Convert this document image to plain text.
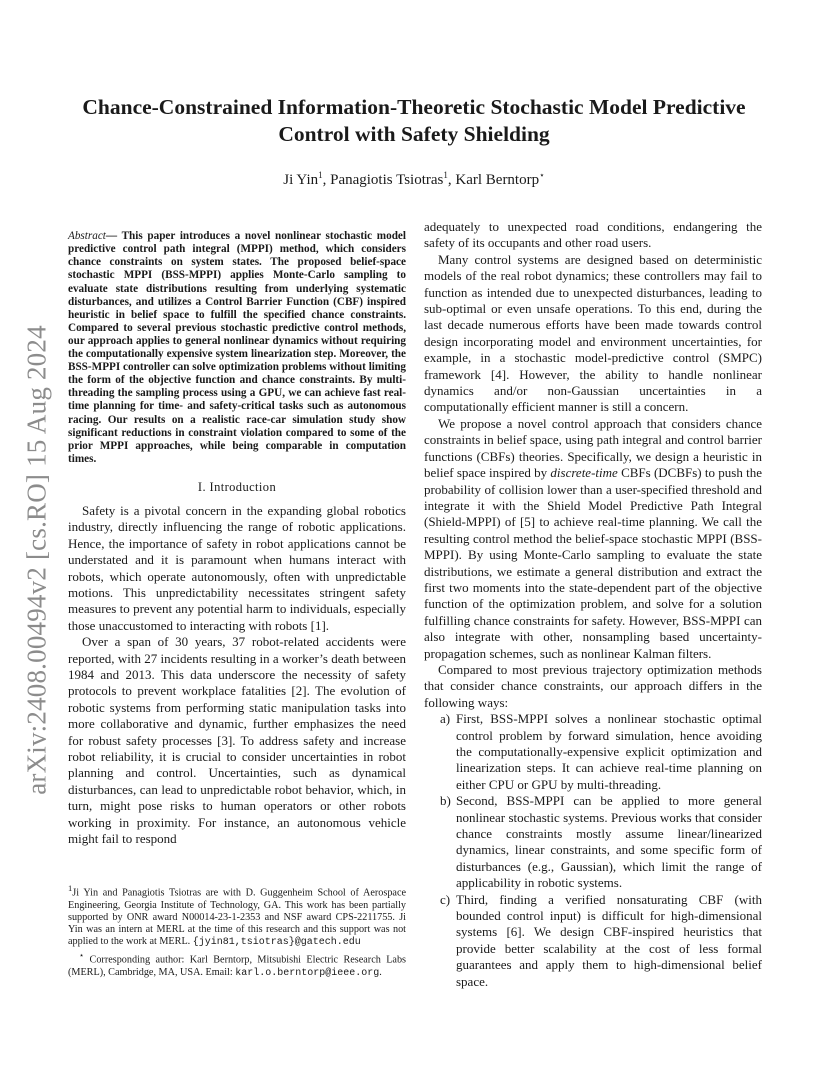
arXiv:2408.00494v2 [cs.RO] 15 Aug 2024
Chance-Constrained Information-Theoretic Stochastic Model Predictive Control with Safety Shielding
Ji Yin$^1$, Panagiotis Tsiotras$^1$, Karl Berntorp⋆

Abstract— This paper introduces a novel nonlinear stochastic model predictive control path integral (MPPI) method, which considers chance constraints on system states. The proposed belief-space stochastic MPPI (BSS-MPPI) applies Monte-Carlo sampling to evaluate state distributions resulting from underlying systematic disturbances, and utilizes a Control Barrier Function (CBF) inspired heuristic in belief space to fulfill the specified chance constraints. Compared to several previous stochastic predictive control methods, our approach applies to general nonlinear dynamics without requiring the computationally expensive system linearization step. Moreover, the BSS-MPPI controller can solve optimization problems without limiting the form of the objective function and chance constraints. By multi-threading the sampling process using a GPU, we can achieve fast real-time planning for time- and safety-critical tasks such as autonomous racing. Our results on a realistic race-car simulation study show significant reductions in constraint violation compared to some of the prior MPPI approaches, while being comparable in computation times.

I. Introduction

Safety is a pivotal concern in the expanding global robotics industry, directly influencing the range of robotic applications. Hence, the importance of safety in robot applications cannot be understated and it is paramount when humans interact with robots, which operate autonomously, often with unpredictable motions. This unpredictability necessitates stringent safety measures to prevent any potential harm to individuals, especially those unaccustomed to interacting with robots [1].

Over a span of 30 years, 37 robot-related accidents were reported, with 27 incidents resulting in a worker’s death between 1984 and 2013. This data underscore the necessity of safety protocols to prevent workplace fatalities [2]. The evolution of robotic systems from performing static manipulation tasks into more collaborative and dynamic, further emphasizes the need for robust safety processes [3]. To address safety and increase robot reliability, it is crucial to consider uncertainties in robot planning and control. Uncertainties, such as dynamical disturbances, can lead to unpredictable robot behavior, which, in turn, might pose risks to human operators or other robots working in proximity. For instance, an autonomous vehicle might fail to respond

$^1$Ji Yin and Panagiotis Tsiotras are with D. Guggenheim School of Aerospace Engineering, Georgia Institute of Technology, GA. This work has been partially supported by ONR award N00014-23-1-2353 and NSF award CPS-2211755. Ji Yin was an intern at MERL at the time of this research and this support was not applied to the work at MERL. {jyin81,tsiotras}@gatech.edu

⋆ Corresponding author: Karl Berntorp, Mitsubishi Electric Research Labs (MERL), Cambridge, MA, USA. Email: karl.o.berntorp@ieee.org.

adequately to unexpected road conditions, endangering the safety of its occupants and other road users.

Many control systems are designed based on deterministic models of the real robot dynamics; these controllers may fail to function as intended due to unexpected disturbances, leading to sub-optimal or even unsafe operations. To this end, during the last decade numerous efforts have been made towards control design incorporating model and environment uncertainties, for example, in a stochastic model-predictive control (SMPC) framework [4]. However, the ability to handle nonlinear dynamics and/or non-Gaussian uncertainties in a computationally efficient manner is still a concern.

We propose a novel control approach that considers chance constraints in belief space, using path integral and control barrier functions (CBFs) theories. Specifically, we design a heuristic in belief space inspired by discrete-time CBFs (DCBFs) to push the probability of collision lower than a user-specified threshold and integrate it with the Shield Model Predictive Path Integral (Shield-MPPI) of [5] to achieve real-time planning. We call the resulting control method the belief-space stochastic MPPI (BSS-MPPI). By using Monte-Carlo sampling to evaluate the state distributions, we estimate a general distribution and extract the first two moments into the state-dependent part of the objective function of the optimization problem, and solve for a solution fulfilling chance constraints for safety. However, BSS-MPPI can also integrate with other, nonsampling based uncertainty-propagation schemes, such as nonlinear Kalman filters.

Compared to most previous trajectory optimization methods that consider chance constraints, our approach differs in the following ways:

a) First, BSS-MPPI solves a nonlinear stochastic optimal control problem by forward simulation, hence avoiding the computationally-expensive explicit optimization and linearization steps. It can achieve real-time planning on either CPU or GPU by multi-threading.
b) Second, BSS-MPPI can be applied to more general nonlinear stochastic systems. Previous works that consider chance constraints mostly assume linear/linearized dynamics, linear constraints, and some specific form of disturbances (e.g., Gaussian), which limit the range of applicability in robotic systems.
c) Third, finding a verified nonsaturating CBF (with bounded control input) is difficult for high-dimensional systems [6]. We design CBF-inspired heuristics that provide better scalability at the cost of less formal guarantees and apply them to high-dimensional belief space.
